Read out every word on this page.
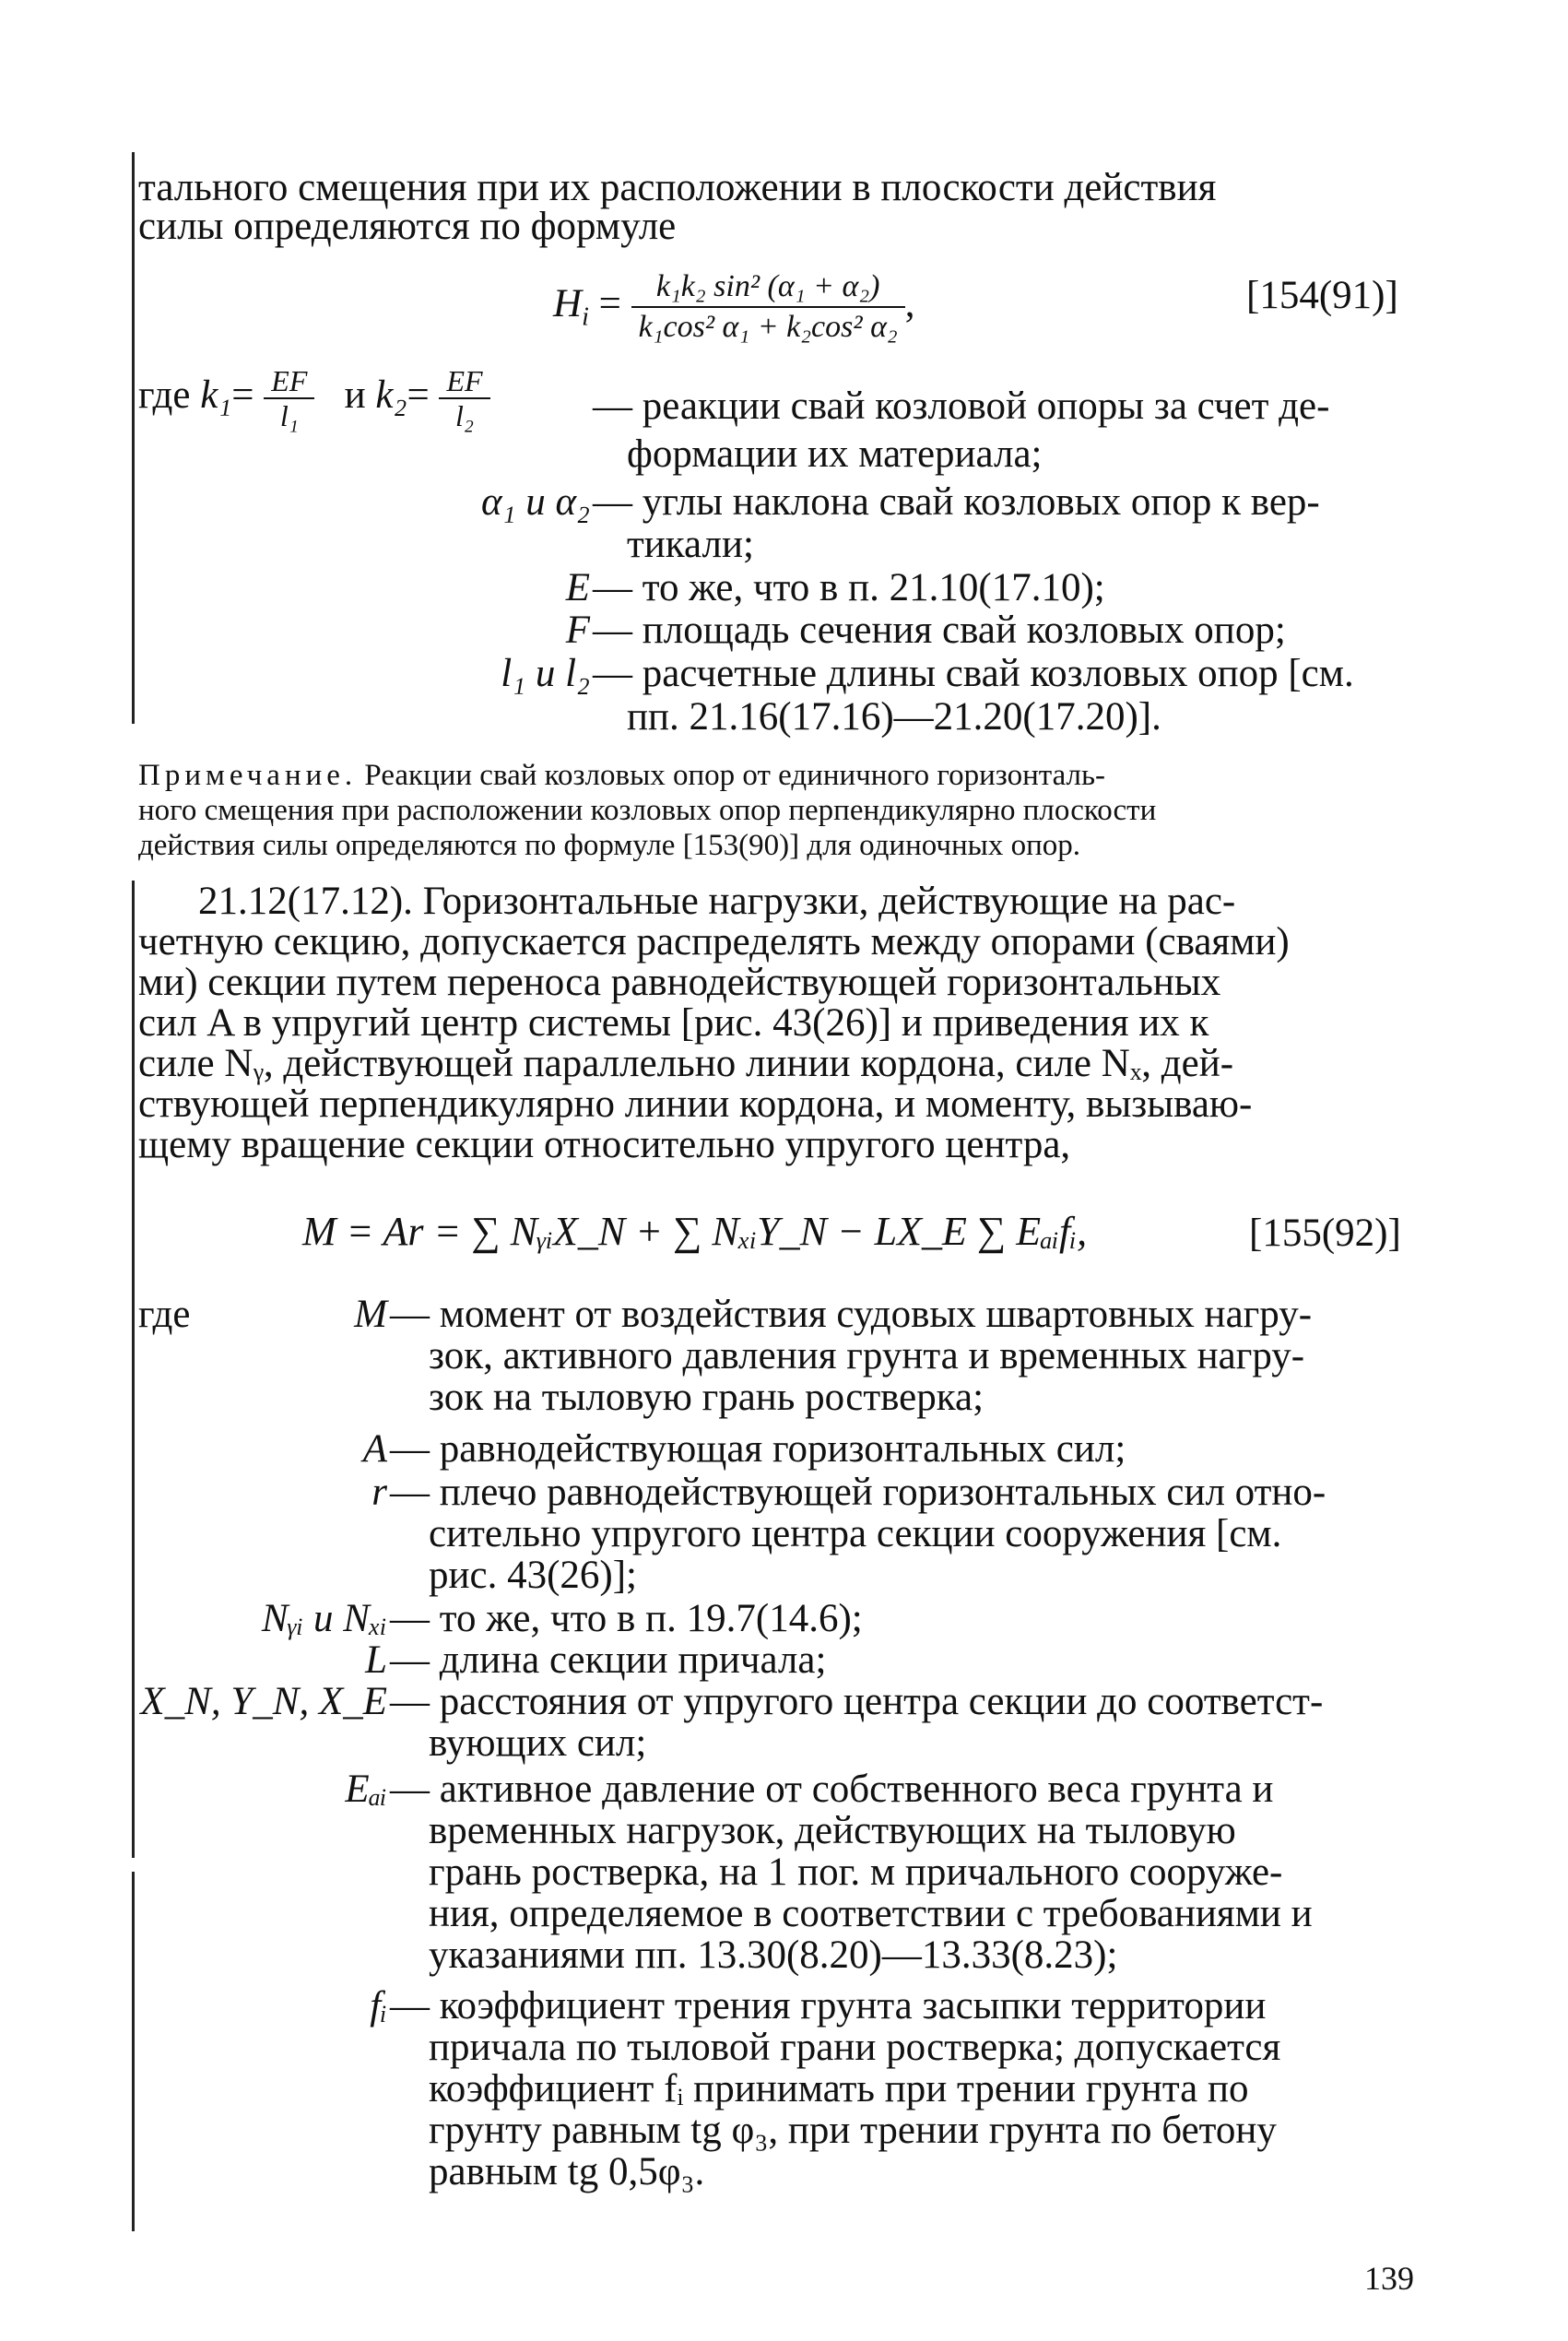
тального смещения при их расположении в плоскости действия
силы определяются по формуле
$H_i = \frac{\text{k₁k₂ sin² (α₁ + α₂)}}{\text{k₁cos² α₁ + k₂cos² α₂}}$ ,	[154(91)]
где $k_1= \frac{EF}{\text{l₁}}$ и $k_2= \frac{EF}{\text{l₂}}$	— реакции свай козловой опоры за счет де-
формации их материала;
α₁ и α₂ — углы наклона свай козловых опор к вер-
тикали;
E — то же, что в п. 21.10(17.10);
F — площадь сечения свай козловых опор;
l₁ и l₂ — расчетные длины свай козловых опор [см.
пп. 21.16(17.16)—21.20(17.20)].
Примечание. Реакции свай козловых опор от единичного горизонталь-
ного смещения при расположении козловых опор перпендикулярно плоскости
действия силы определяются по формуле [153(90)] для одиночных опор.
21.12(17.12). Горизонтальные нагрузки, действующие на рас-
четную секцию, допускается распределять между опорами (сваями)
ми) секции путем переноса равнодействующей горизонтальных
сил A в упругий центр системы [рис. 43(26)] и приведения их к
силе Nᵧ, действующей параллельно линии кордона, силе Nₓ, дей-
ствующей перпендикулярно линии кордона, и моменту, вызываю-
щему вращение секции относительно упругого центра,
M = Ar = ∑ NᵧᵢX_N + ∑ NₓᵢY_N − LX_E ∑ Eₐᵢfᵢ,	[155(92)]
где	M — момент от воздействия судовых швартовных нагру-
зок, активного давления грунта и временных нагру-
зок на тыловую грань ростверка;
A — равнодействующая горизонтальных сил;
r — плечо равнодействующей горизонтальных сил отно-
сительно упругого центра секции сооружения [см.
рис. 43(26)];
Nᵧᵢ и Nₓᵢ — то же, что в п. 19.7(14.6);
L — длина секции причала;
X_N, Y_N, X_E — расстояния от упругого центра секции до соответст-
вующих сил;
Eₐᵢ — активное давление от собственного веса грунта и
временных нагрузок, действующих на тыловую
грань ростверка, на 1 пог. м причального сооруже-
ния, определяемое в соответствии с требованиями и
указаниями пп. 13.30(8.20)—13.33(8.23);
fᵢ — коэффициент трения грунта засыпки территории
причала по тыловой грани ростверка; допускается
коэффициент fᵢ принимать при трении грунта по
грунту равным tg φ₃, при трении грунта по бетону
равным tg 0,5φ₃.
139
